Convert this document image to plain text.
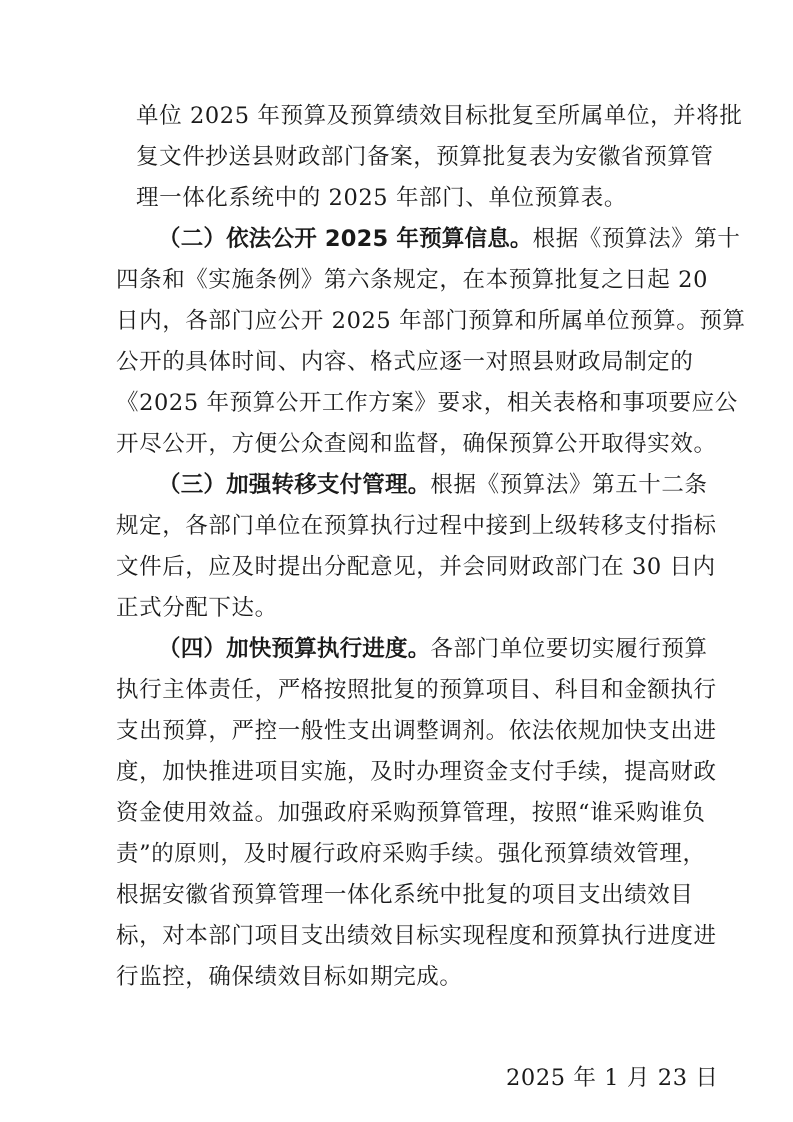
单位 2025 年预算及预算绩效目标批复至所属单位，并将批
复文件抄送县财政部门备案，预算批复表为安徽省预算管
理一体化系统中的 2025 年部门、单位预算表。
（二）依法公开 2025 年预算信息。根据《预算法》第十
四条和《实施条例》第六条规定，在本预算批复之日起 20
日内，各部门应公开 2025 年部门预算和所属单位预算。预算
公开的具体时间、内容、格式应逐一对照县财政局制定的
《2025 年预算公开工作方案》要求，相关表格和事项要应公
开尽公开，方便公众查阅和监督，确保预算公开取得实效。
（三）加强转移支付管理。根据《预算法》第五十二条
规定，各部门单位在预算执行过程中接到上级转移支付指标
文件后，应及时提出分配意见，并会同财政部门在 30 日内
正式分配下达。
（四）加快预算执行进度。各部门单位要切实履行预算
执行主体责任，严格按照批复的预算项目、科目和金额执行
支出预算，严控一般性支出调整调剂。依法依规加快支出进
度，加快推进项目实施，及时办理资金支付手续，提高财政
资金使用效益。加强政府采购预算管理，按照“谁采购谁负
责”的原则，及时履行政府采购手续。强化预算绩效管理，
根据安徽省预算管理一体化系统中批复的项目支出绩效目
标，对本部门项目支出绩效目标实现程度和预算执行进度进
行监控，确保绩效目标如期完成。
2025 年 1 月 23 日
